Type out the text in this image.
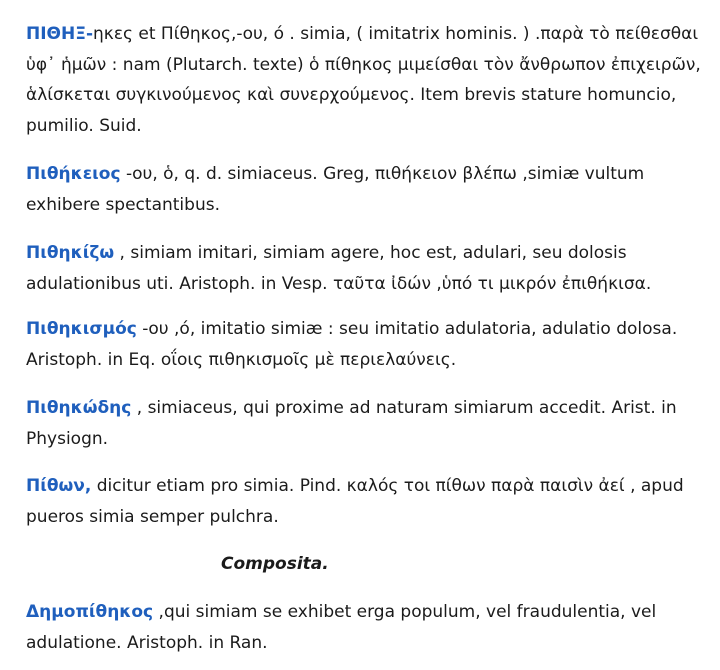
ΠΙΘΗΞ-ηκες et Πίθηκος,-ου, ό . simia, ( imitatrix hominis. ) .παρὰ τὸ πείθεσθαι ὑφ᾽ ἡμῶν : nam (Plutarch. texte) ὁ πίθηκος μιμείσθαι τὸν ἄνθρωπον ἐπιχειρῶν, ἁλίσκεται συγκινούμενος καὶ συνερχούμενος. Item brevis stature homuncio, pumilio. Suid.

Πιθήκειος -ου, ὁ, q. d. simiaceus. Greg, πιθήκειον βλέπω ,simiæ vultum exhibere spectantibus.

Πιθηκίζω , simiam imitari, simiam agere, hoc est, adulari, seu dolosis adulationibus uti. Aristoph. in Vesp. ταῦτα ἰδών ,ὑπό τι μικρόν ἐπιθήκισα.

Πιθηκισμός -ου ,ό, imitatio simiæ : seu imitatio adulatoria, adulatio dolosa. Aristoph. in Eq. οΐοις πιθηκισμοῖς μὲ περιελαύνεις.

Πιθηκώδης , simiaceus, qui proxime ad naturam simiarum accedit. Arist. in Physiogn.

Πίθων, dicitur etiam pro simia. Pind. καλός τοι πίθων παρὰ παισὶν ἀεί , apud pueros simia semper pulchra.

Composita.

Δημοπίθηκος ,qui simiam se exhibet erga populum, vel fraudulentia, vel adulatione. Aristoph. in Ran.
